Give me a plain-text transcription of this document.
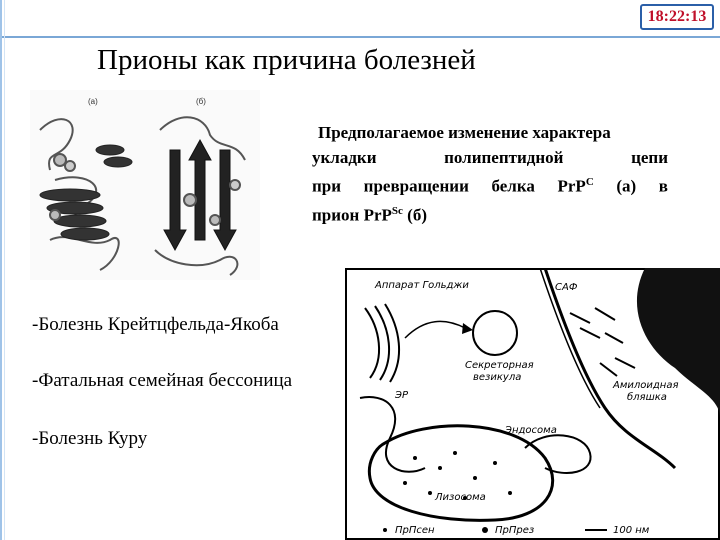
18:22:13
Прионы как причина болезней
(а)	(б)
Предполагаемое изменение характера
укладки полипептидной цепи
при превращении белка PrP$^C$ (а) в
прион PrP$^{Sc}$ (б)
-Болезнь Крейтцфельда-Якоба
-Фатальная семейная бессоница
-Болезнь Куру
Аппарат Гольджи	САФ
Секреторная
везикула
Амилоидная
бляшка
ЭР
Эндосома
Лизосома
ПрПсен	ПрПрез	100 нм
